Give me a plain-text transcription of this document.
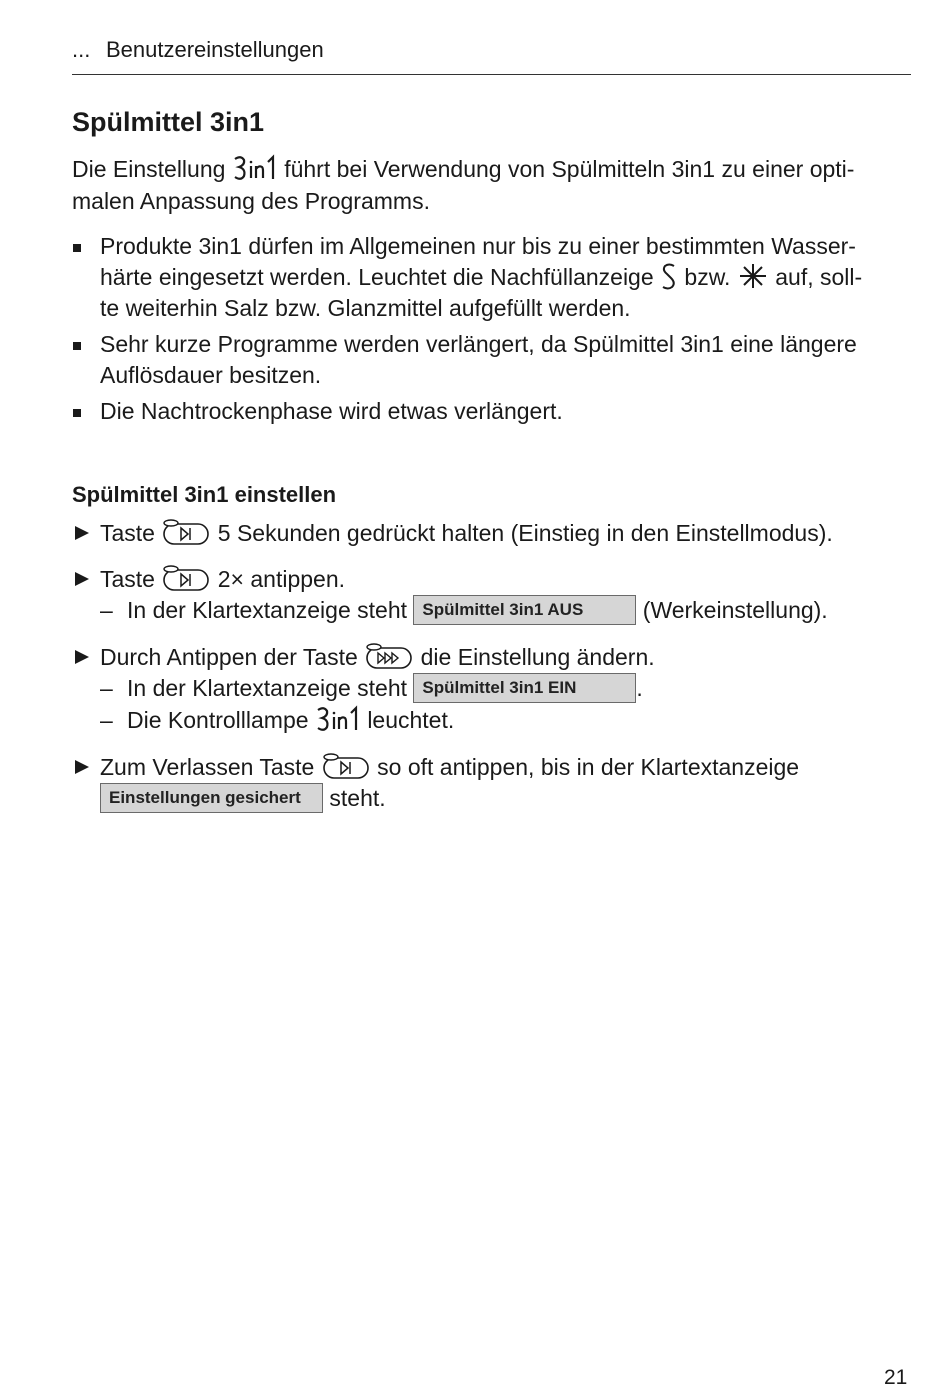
... Benutzereinstellungen
Spülmittel 3in1
Die Einstellung	führt bei Verwendung von Spülmitteln 3in1 zu einer opti-
malen Anpassung des Programms.
Produkte 3in1 dürfen im Allgemeinen nur bis zu einer bestimmten Wasser-
härte eingesetzt werden. Leuchtet die Nachfüllanzeige bzw. auf, soll-
te weiterhin Salz bzw. Glanzmittel aufgefüllt werden.
Sehr kurze Programme werden verlängert, da Spülmittel 3in1 eine längere
Auflösdauer besitzen.
Die Nachtrockenphase wird etwas verlängert.
Spülmittel 3in1 einstellen
Taste	5 Sekunden gedrückt halten (Einstieg in den Einstellmodus).
Taste	2× antippen.
– In der Klartextanzeige steht Spülmittel 3in1 AUS	(Werkeinstellung).
Durch Antippen der Taste	die Einstellung ändern.
– In der Klartextanzeige steht Spülmittel 3in1 EIN	.
– Die Kontrolllampe	leuchtet.
Zum Verlassen Taste	so oft antippen, bis in der Klartextanzeige
Einstellungen gesichert steht.
21
